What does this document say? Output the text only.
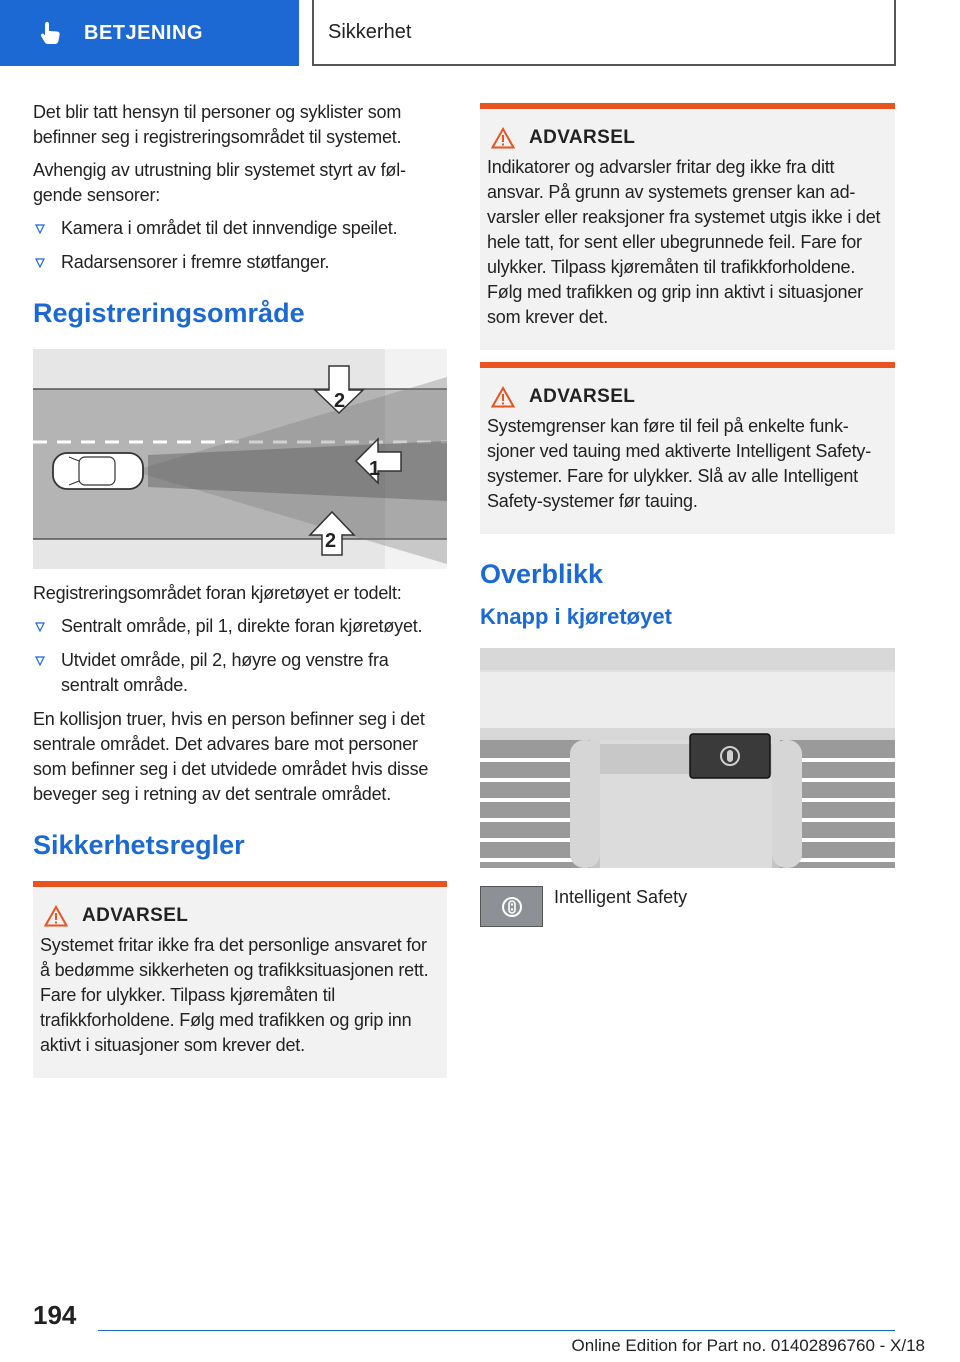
BETJENING	Sikkerhet

Det blir tatt hensyn til personer og syklister som befinner seg i registreringsområdet til systemet.

Avhengig av utrustning blir systemet styrt av følgende sensorer:

Kamera i området til det innvendige speilet.
Radarsensorer i fremre støtfanger.
Registreringsområde
2
1
2

Registreringsområdet foran kjøretøyet er todelt:

Sentralt område, pil 1, direkte foran kjøretøyet.
Utvidet område, pil 2, høyre og venstre fra sentralt område.

En kollisjon truer, hvis en person befinner seg i det sentrale området. Det advares bare mot personer som befinner seg i det utvidede området hvis disse beveger seg i retning av det sentrale området.

Sikkerhetsregler
ADVARSEL

Systemet fritar ikke fra det personlige ansvaret for å bedømme sikkerheten og trafikksituasjonen rett. Fare for ulykker. Tilpass kjøremåten til trafikkforholdene. Følg med trafikken og grip inn aktivt i situasjoner som krever det.

ADVARSEL

Indikatorer og advarsler fritar deg ikke fra ditt ansvar. På grunn av systemets grenser kan advarsler eller reaksjoner fra systemet utgis ikke i det hele tatt, for sent eller ubegrunnede feil. Fare for ulykker. Tilpass kjøremåten til trafikkforholdene. Følg med trafikken og grip inn aktivt i situasjoner som krever det.

ADVARSEL

Systemgrenser kan føre til feil på enkelte funksjoner ved tauing med aktiverte Intelligent Safety-systemer. Fare for ulykker. Slå av alle Intelligent Safety-systemer før tauing.

Overblikk
Knapp i kjøretøyet
Intelligent Safety
194
Online Edition for Part no. 01402896760 - X/18
